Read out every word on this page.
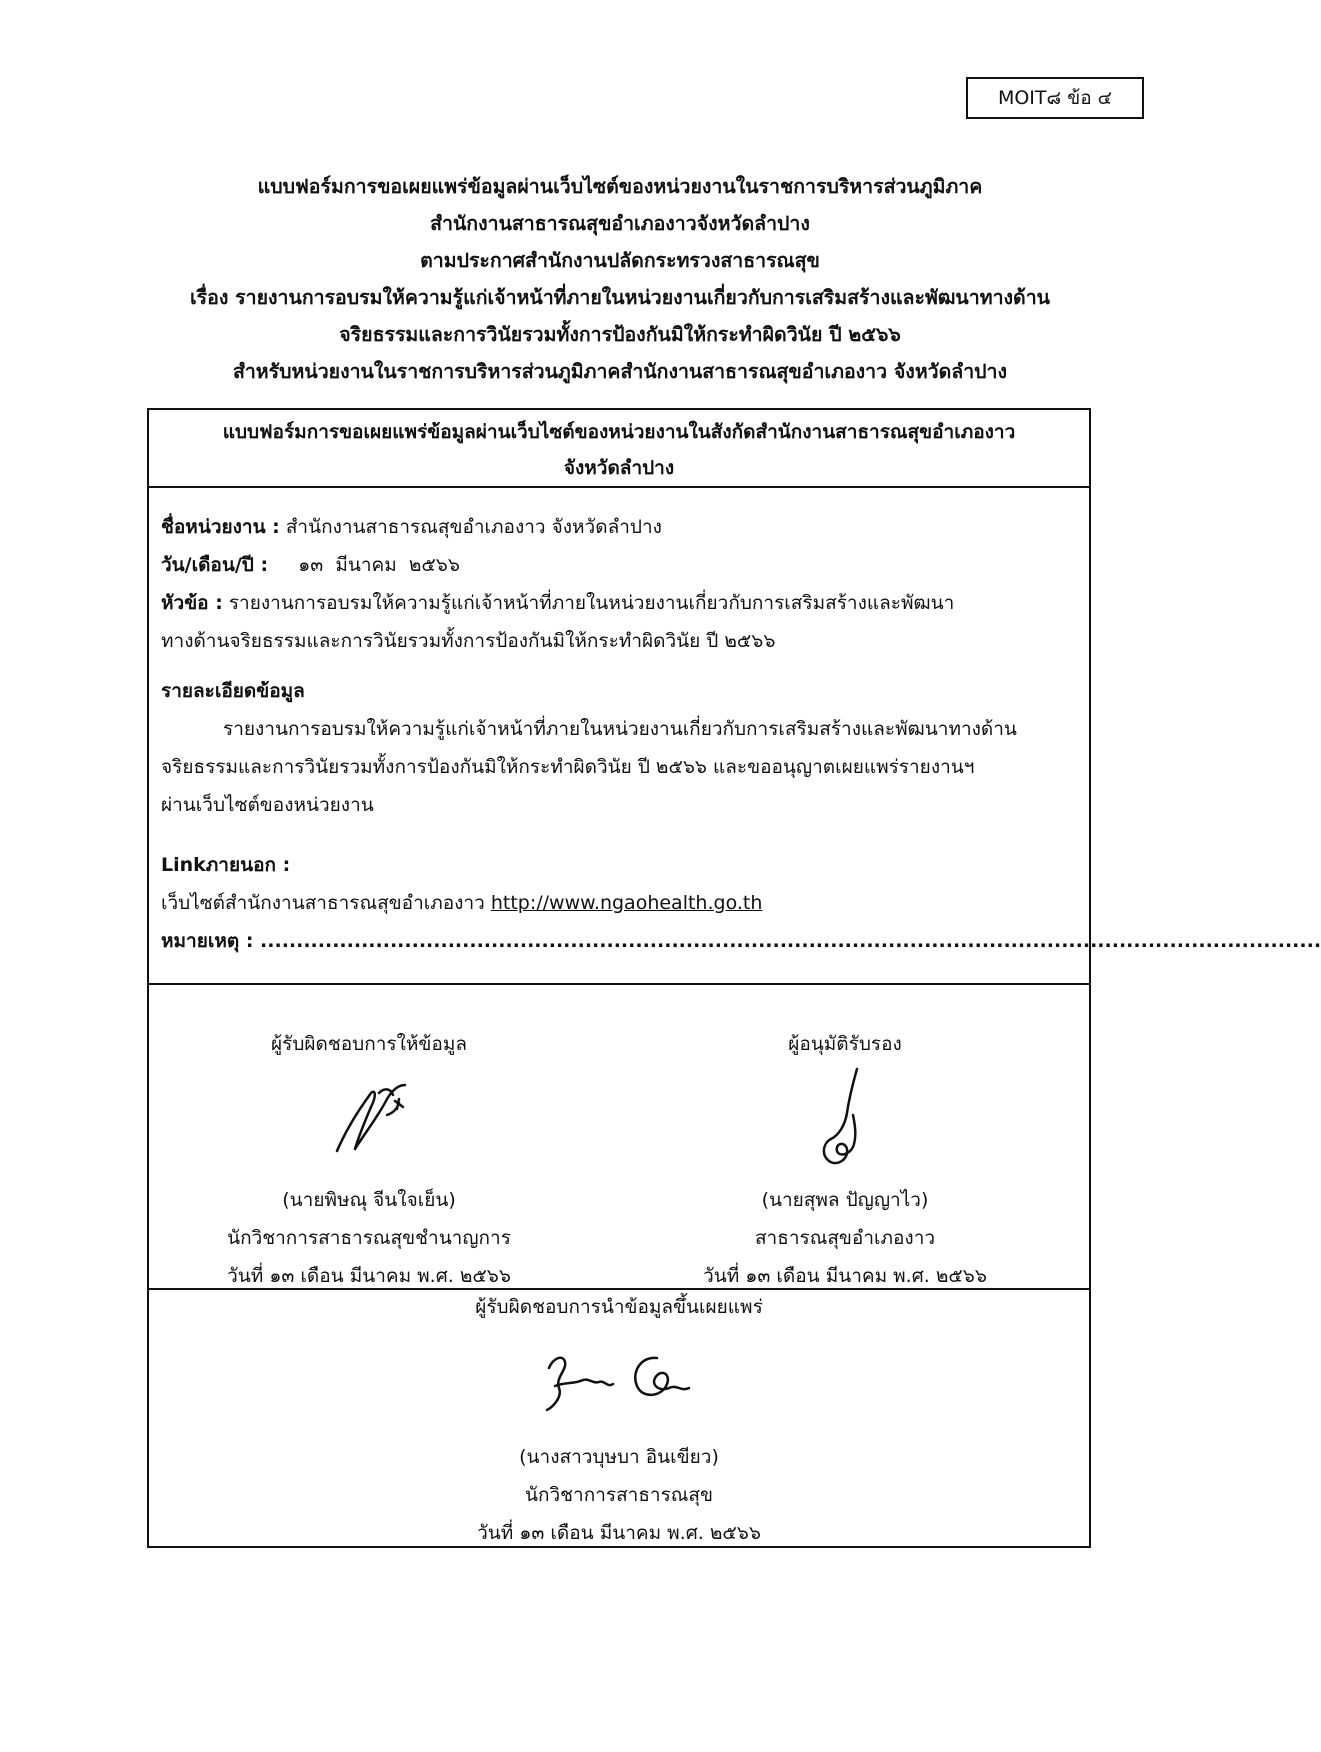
MOIT๘ ข้อ ๔
แบบฟอร์มการขอเผยแพร่ข้อมูลผ่านเว็บไซต์ของหน่วยงานในราชการบริหารส่วนภูมิภาค
สำนักงานสาธารณสุขอำเภองาวจังหวัดลำปาง
ตามประกาศสำนักงานปลัดกระทรวงสาธารณสุข
เรื่อง รายงานการอบรมให้ความรู้แก่เจ้าหน้าที่ภายในหน่วยงานเกี่ยวกับการเสริมสร้างและพัฒนาทางด้าน
จริยธรรมและการวินัยรวมทั้งการป้องกันมิให้กระทำผิดวินัย ปี ๒๕๖๖
สำหรับหน่วยงานในราชการบริหารส่วนภูมิภาคสำนักงานสาธารณสุขอำเภองาว จังหวัดลำปาง
แบบฟอร์มการขอเผยแพร่ข้อมูลผ่านเว็บไซต์ของหน่วยงานในสังกัดสำนักงานสาธารณสุขอำเภองาว
จังหวัดลำปาง
ชื่อหน่วยงาน : สำนักงานสาธารณสุขอำเภองาว จังหวัดลำปาง
วัน/เดือน/ปี :     ๑๓  มีนาคม  ๒๕๖๖
หัวข้อ : รายงานการอบรมให้ความรู้แก่เจ้าหน้าที่ภายในหน่วยงานเกี่ยวกับการเสริมสร้างและพัฒนา
ทางด้านจริยธรรมและการวินัยรวมทั้งการป้องกันมิให้กระทำผิดวินัย ปี ๒๕๖๖
รายละเอียดข้อมูล
รายงานการอบรมให้ความรู้แก่เจ้าหน้าที่ภายในหน่วยงานเกี่ยวกับการเสริมสร้างและพัฒนาทางด้าน
จริยธรรมและการวินัยรวมทั้งการป้องกันมิให้กระทำผิดวินัย ปี ๒๕๖๖ และขออนุญาตเผยแพร่รายงานฯ
ผ่านเว็บไซต์ของหน่วยงาน
Linkภายนอก :
เว็บไซต์สำนักงานสาธารณสุขอำเภองาว http://www.ngaohealth.go.th
หมายเหตุ : ...................................................................................................................................................
ผู้รับผิดชอบการให้ข้อมูล
(นายพิษณุ จีนใจเย็น)
นักวิชาการสาธารณสุขชำนาญการ
วันที่ ๑๓ เดือน มีนาคม พ.ศ. ๒๕๖๖
ผู้อนุมัติรับรอง
(นายสุพล ปัญญาไว)
สาธารณสุขอำเภองาว
วันที่ ๑๓ เดือน มีนาคม พ.ศ. ๒๕๖๖
ผู้รับผิดชอบการนำข้อมูลขึ้นเผยแพร่
(นางสาวบุษบา อินเขียว)
นักวิชาการสาธารณสุข
วันที่ ๑๓ เดือน มีนาคม พ.ศ. ๒๕๖๖
